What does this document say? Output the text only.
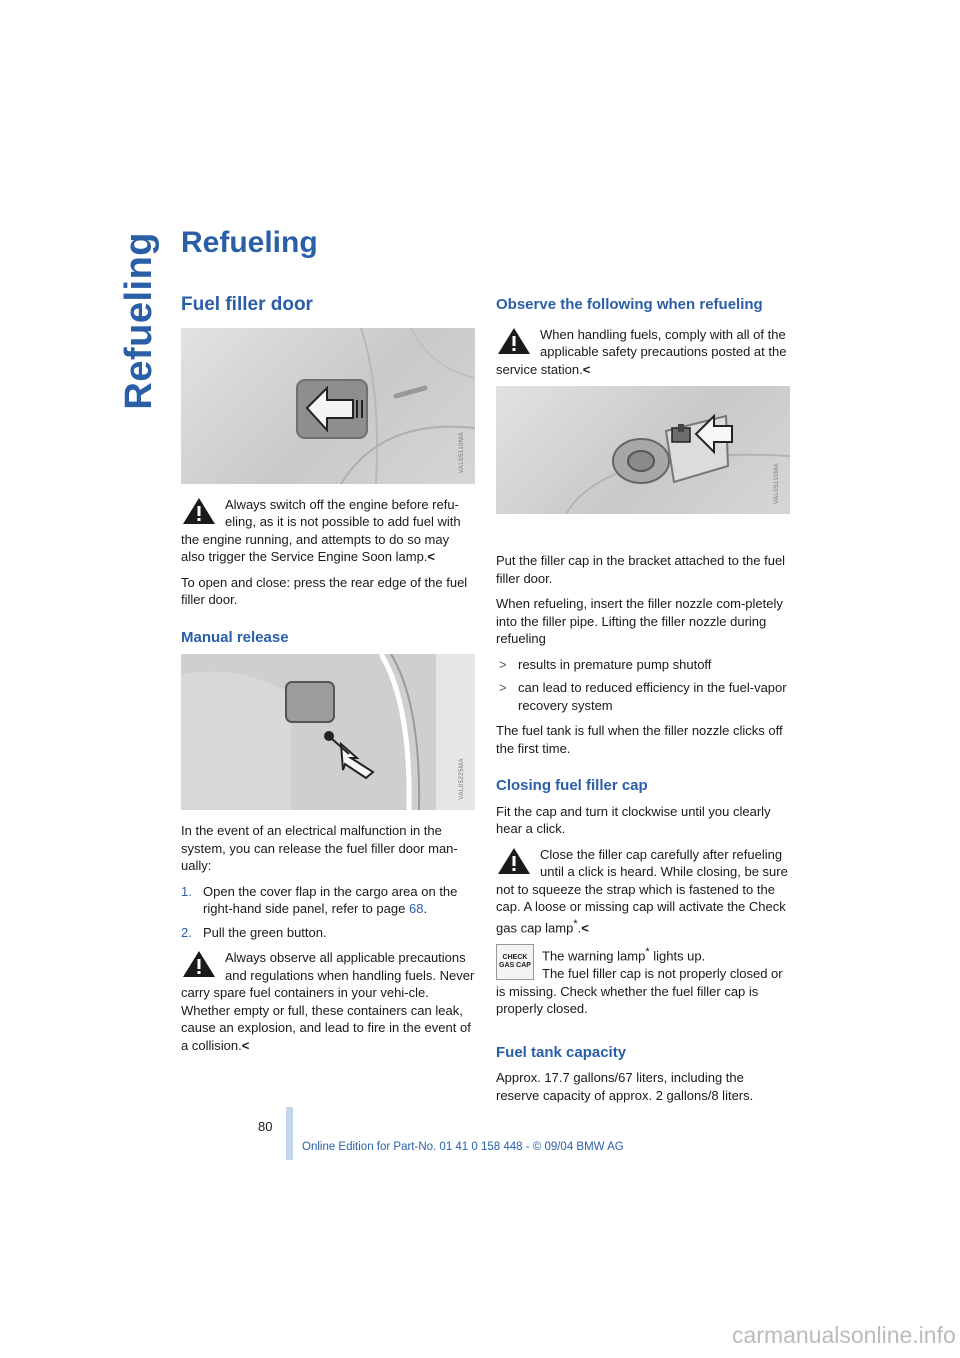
Refueling Refueling
Fuel filler door
VAL05110MA

Always switch off the engine before refu-eling, as it is not possible to add fuel with the engine running, and attempts to do so may also trigger the Service Engine Soon lamp.<

To open and close: press the rear edge of the fuel filler door.

Manual release
VAL05225MA

In the event of an electrical malfunction in the system, you can release the fuel filler door man-ually:

1. Open the cover flap in the cargo area on the right-hand side panel, refer to page 68.
2. Pull the green button.

Always observe all applicable precautions and regulations when handling fuels. Never carry spare fuel containers in your vehi-cle. Whether empty or full, these containers can leak, cause an explosion, and lead to fire in the event of a collision.<

Observe the following when refueling

When handling fuels, comply with all of the applicable safety precautions posted at the service station.<

VAL05110MA

Put the filler cap in the bracket attached to the fuel filler door.

When refueling, insert the filler nozzle com-pletely into the filler pipe. Lifting the filler nozzle during refueling

> results in premature pump shutoff
> can lead to reduced efficiency in the fuel-vapor recovery system

The fuel tank is full when the filler nozzle clicks off the first time.

Closing fuel filler cap

Fit the cap and turn it clockwise until you clearly hear a click.

Close the filler cap carefully after refueling until a click is heard. While closing, be sure not to squeeze the strap which is fastened to the cap. A loose or missing cap will activate the Check gas cap lamp*.<

CHECK
GAS CAP

The warning lamp* lights up.
The fuel filler cap is not properly closed or is missing. Check whether the fuel filler cap is properly closed.

Fuel tank capacity

Approx. 17.7 gallons/67 liters, including the reserve capacity of approx. 2 gallons/8 liters.

80
Online Edition for Part-No. 01 41 0 158 448 - © 09/04 BMW AG
carmanualsonline.info
